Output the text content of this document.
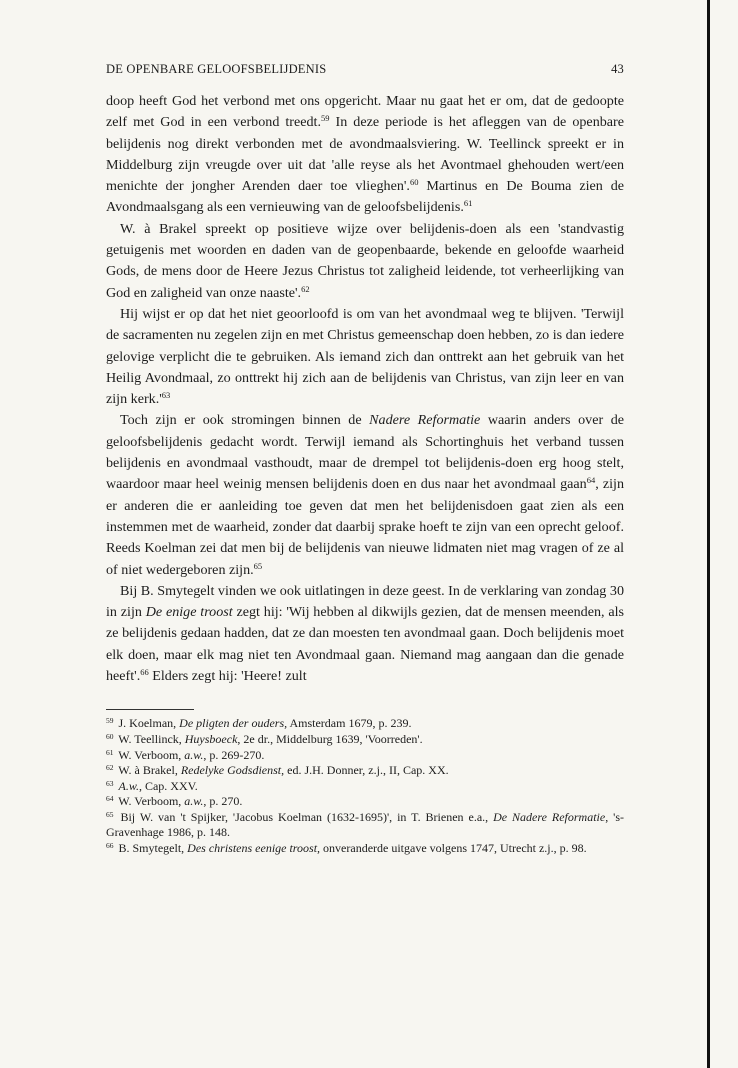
DE OPENBARE GELOOFSBELIJDENIS	43

doop heeft God het verbond met ons opgericht. Maar nu gaat het er om, dat de gedoopte zelf met God in een verbond treedt.$^{59}$ In deze periode is het afleggen van de openbare belijdenis nog direkt verbonden met de avondmaalsviering. W. Teellinck spreekt er in Middelburg zijn vreugde over uit dat 'alle reyse als het Avontmael ghehouden wert/een menichte der jongher Arenden daer toe vlieghen'.$^{60}$ Martinus en De Bouma zien de Avondmaalsgang als een vernieuwing van de geloofsbelijdenis.$^{61}$

W. à Brakel spreekt op positieve wijze over belijdenis-doen als een 'standvastig getuigenis met woorden en daden van de geopenbaarde, bekende en geloofde waarheid Gods, de mens door de Heere Jezus Christus tot zaligheid leidende, tot verheerlijking van God en zaligheid van onze naaste'.$^{62}$

Hij wijst er op dat het niet geoorloofd is om van het avondmaal weg te blijven. 'Terwijl de sacramenten nu zegelen zijn en met Christus gemeenschap doen hebben, zo is dan iedere gelovige verplicht die te gebruiken. Als iemand zich dan onttrekt aan het gebruik van het Heilig Avondmaal, zo onttrekt hij zich aan de belijdenis van Christus, van zijn leer en van zijn $kerk.'^{63}$

Toch zijn er ook stromingen binnen de Nadere Reformatie waarin anders over de geloofsbelijdenis gedacht wordt. Terwijl iemand als Schortinghuis het verband tussen belijdenis en avondmaal vasthoudt, maar de drempel tot belijdenis-doen erg hoog stelt, waardoor maar heel weinig mensen belijdenis doen en dus naar het avondmaal gaan$^{64}$, zijn er anderen die er aanleiding toe geven dat men het belijdenisdoen gaat zien als een instemmen met de waarheid, zonder dat daarbij sprake hoeft te zijn van een oprecht geloof. Reeds Koelman zei dat men bij de belijdenis van nieuwe lidmaten niet mag vragen of ze al of niet wedergeboren zijn.$^{65}$

Bij B. Smytegelt vinden we ook uitlatingen in deze geest. In de verklaring van zondag 30 in zijn De enige troost zegt hij: 'Wij hebben al dikwijls gezien, dat de mensen meenden, als ze belijdenis gedaan hadden, dat ze dan moesten ten avondmaal gaan. Doch belijdenis moet elk doen, maar elk mag niet ten Avondmaal gaan. Niemand mag aangaan dan die genade heeft'.$^{66}$ Elders zegt hij: 'Heere! zult

$^{59}$ J. Koelman, De pligten der ouders, Amsterdam 1679, p. 239.

$^{60}$ W. Teellinck, Huysboeck, 2e dr., Middelburg 1639, 'Voorreden'.

$^{61}$ W. Verboom, a.w., p. 269-270.

$^{62}$ W. à Brakel, Redelyke Godsdienst, ed. J.H. Donner, z.j., II, Cap. XX.

$^{63}$ A.w., Cap. XXV.

$^{64}$ W. Verboom, a.w., p. 270.

$^{65}$ Bij W. van 't Spijker, 'Jacobus Koelman (1632-1695)', in T. Brienen e.a., De Nadere Reformatie, 's-Gravenhage 1986, p. 148.

$^{66}$ B. Smytegelt, Des christens eenige troost, onveranderde uitgave volgens 1747, Utrecht z.j., p. 98.
